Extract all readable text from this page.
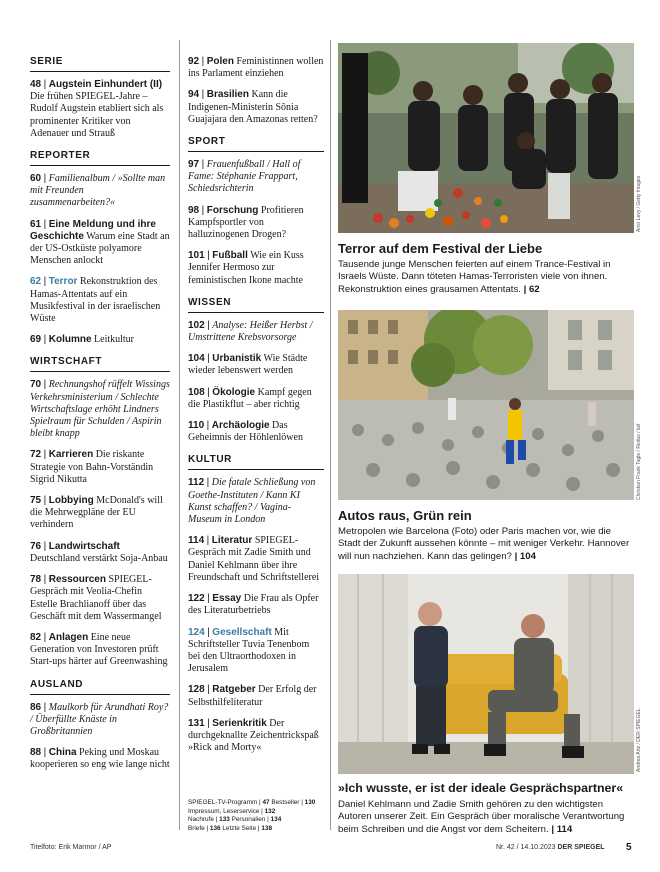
SERIE
48 | Augstein Einhundert (II) Die frühen SPIEGEL-Jahre – Rudolf Augstein etabliert sich als prominenter Kritiker von Adenauer und Strauß
REPORTER
60 | Familienalbum / »Sollte man mit Freunden zusammenarbeiten?«
61 | Eine Meldung und ihre Geschichte Warum eine Stadt an der US-Ostküste polyamore Menschen anlockt
62 | Terror Rekonstruktion des Hamas-Attentats auf ein Musikfestival in der israelischen Wüste
69 | Kolumne Leitkultur
WIRTSCHAFT
70 | Rechnungshof rüffelt Wissings Verkehrsministerium / Schlechte Wirtschaftslage erhöht Lindners Spielraum für Schulden / Aspirin bleibt knapp
72 | Karrieren Die riskante Strategie von Bahn-Vorständin Sigrid Nikutta
75 | Lobbying McDonald's will die Mehrwegpläne der EU verhindern
76 | Landwirtschaft Deutschland verstärkt Soja-Anbau
78 | Ressourcen SPIEGEL-Gespräch mit Veolia-Chefin Estelle Brachlianoff über das Geschäft mit dem Wassermangel
82 | Anlagen Eine neue Generation von Investoren prüft Start-ups härter auf Greenwashing
AUSLAND
86 | Maulkorb für Arundhati Roy? / Überfüllte Knäste in Großbritannien
88 | China Peking und Moskau kooperieren so eng wie lange nicht
92 | Polen Feministinnen wollen ins Parlament einziehen
94 | Brasilien Kann die Indigenen-Ministerin Sônia Guajajara den Amazonas retten?
SPORT
97 | Frauenfußball / Hall of Fame: Stéphanie Frappart, Schiedsrichterin
98 | Forschung Profitieren Kampfsportler von halluzinogenen Drogen?
101 | Fußball Wie ein Kuss Jennifer Hermoso zur feministischen Ikone machte
WISSEN
102 | Analyse: Heißer Herbst / Umstrittene Krebsvorsorge
104 | Urbanistik Wie Städte wieder lebenswert werden
108 | Ökologie Kampf gegen die Plastikflut – aber richtig
110 | Archäologie Das Geheimnis der Höhlenlöwen
KULTUR
112 | Die fatale Schließung von Goethe-Instituten / Kann KI Kunst schaffen? / Vagina-Museum in London
114 | Literatur SPIEGEL-Gespräch mit Zadie Smith und Daniel Kehlmann über ihre Freundschaft und Schriftstellerei
122 | Essay Die Frau als Opfer des Literaturbetriebs
124 | Gesellschaft Mit Schriftsteller Tuvia Tenenbom bei den Ultraorthodoxen in Jerusalem
128 | Ratgeber Der Erfolg der Selbsthilfeliteratur
131 | Serienkritik Der durchgeknallte Zeichentrickspaß »Rick and Morty«
SPIEGEL-TV-Programm | 47 Bestseller | 130
Impressum, Leserservice | 132
Nachrufe | 133 Personalien | 134
Briefe | 136 Letzte Seite | 138
Amir Levy / Getty Images
Terror auf dem Festival der Liebe
Tausende junge Menschen feierten auf einem Trance-Festival in Israels Wüste. Dann töteten Hamas-Terroristen viele von ihnen. Rekonstruktion eines grausamen Attentats. | 62
Christian Frank Tagle / Redux / laif
Autos raus, Grün rein
Metropolen wie Barcelona (Foto) oder Paris machen vor, wie die Stadt der Zukunft aussehen könnte – mit weniger Verkehr. Hannover will nun nachziehen. Kann das gelingen? | 104
Andrea Artz / DER SPIEGEL
»Ich wusste, er ist der ideale Gesprächspartner«
Daniel Kehlmann und Zadie Smith gehören zu den wichtigsten Autoren unserer Zeit. Ein Gespräch über moralische Verantwortung beim Schreiben und die Angst vor dem Scheitern. | 114
Titelfoto: Erik Marmor / AP	Nr. 42 / 14.10.2023 DER SPIEGEL 5
